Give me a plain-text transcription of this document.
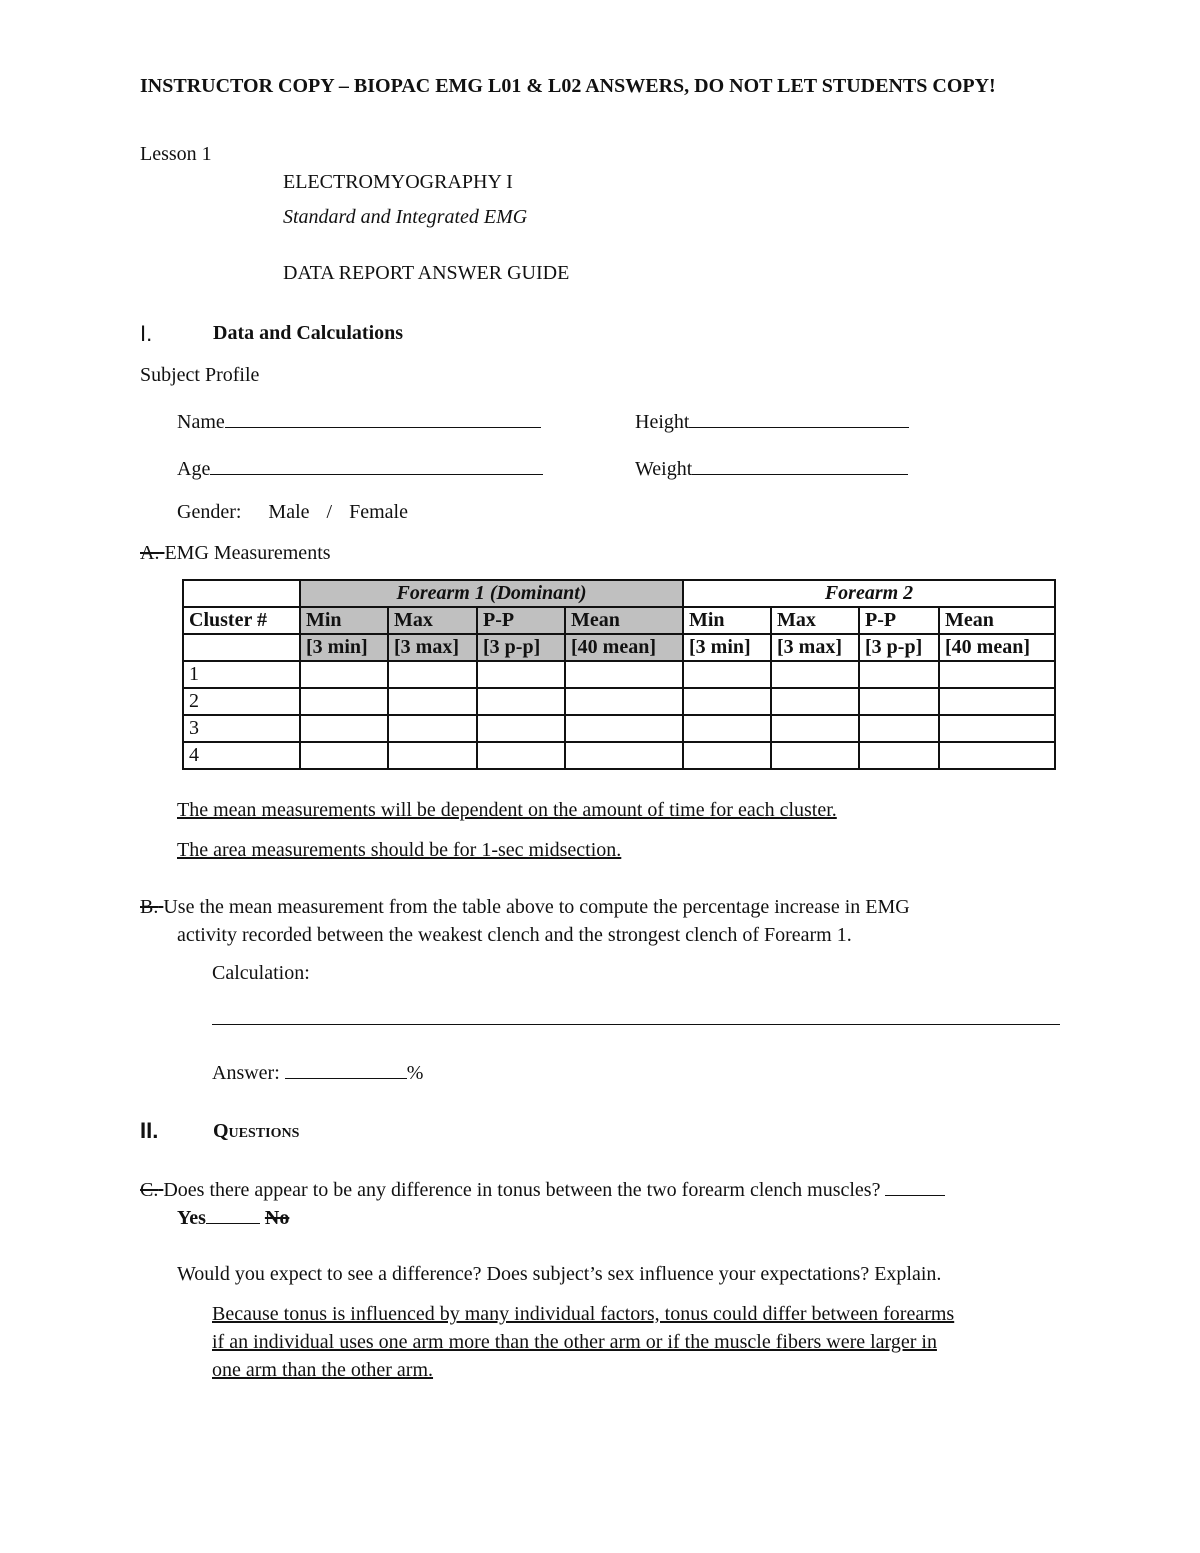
INSTRUCTOR COPY – BIOPAC EMG L01 & L02 ANSWERS, DO NOT LET STUDENTS COPY!
Lesson 1
ELECTROMYOGRAPHY I
Standard and Integrated EMG
DATA REPORT ANSWER GUIDE
I.	Data and Calculations
Subject Profile
Name	Height
Age	Weight
Gender: Male / Female
A. EMG Measurements
	Forearm 1 (Dominant)				Forearm 2			
Cluster #	Min	Max	P-P	Mean	Min	Max	P-P	Mean
	[3 min]	[3 max]	[3 p-p]	[40 mean]	[3 min]	[3 max]	[3 p-p]	[40 mean]
1								
2								
3								
4								
The mean measurements will be dependent on the amount of time for each cluster.
The area measurements should be for 1-sec midsection.
B. Use the mean measurement from the table above to compute the percentage increase in EMG
activity recorded between the weakest clench and the strongest clench of Forearm 1.
Calculation:
Answer:	%
II.	Questions
C. Does there appear to be any difference in tonus between the two forearm clench muscles?
Yes	No
Would you expect to see a difference? Does subject’s sex influence your expectations? Explain.
Because tonus is influenced by many individual factors, tonus could differ between forearms
if an individual uses one arm more than the other arm or if the muscle fibers were larger in
one arm than the other arm.
